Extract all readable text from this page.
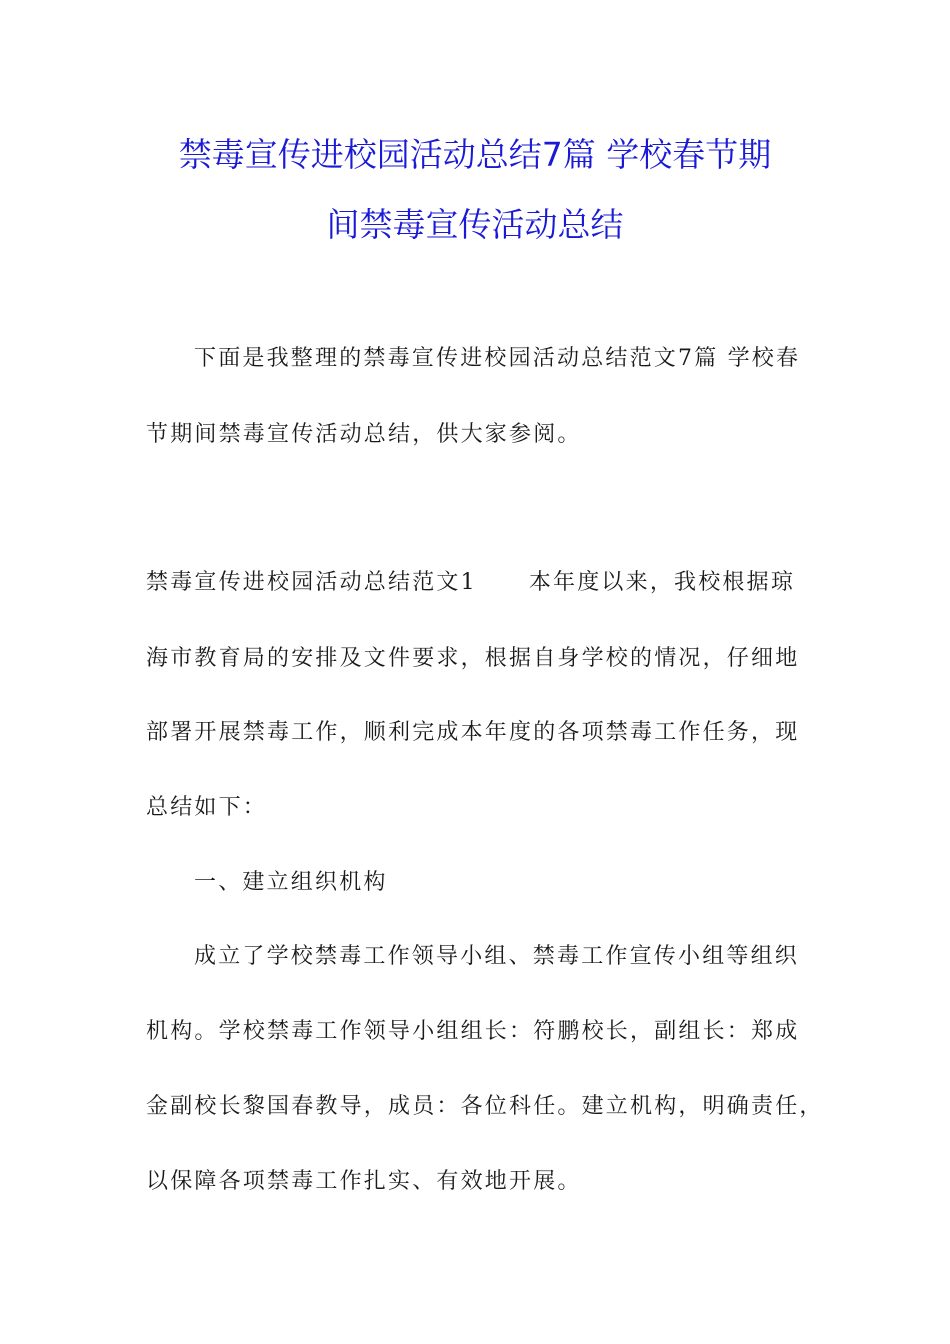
禁毒宣传进校园活动总结7篇 学校春节期
间禁毒宣传活动总结
下面是我整理的禁毒宣传进校园活动总结范文7篇 学校春
节期间禁毒宣传活动总结，供大家参阅。
禁毒宣传进校园活动总结范文1 本年度以来，我校根据琼
海市教育局的安排及文件要求，根据自身学校的情况，仔细地
部署开展禁毒工作，顺利完成本年度的各项禁毒工作任务，现
总结如下：
一、建立组织机构
成立了学校禁毒工作领导小组、禁毒工作宣传小组等组织
机构。学校禁毒工作领导小组组长：符鹏校长，副组长：郑成
金副校长黎国春教导，成员：各位科任。建立机构，明确责任，
以保障各项禁毒工作扎实、有效地开展。
